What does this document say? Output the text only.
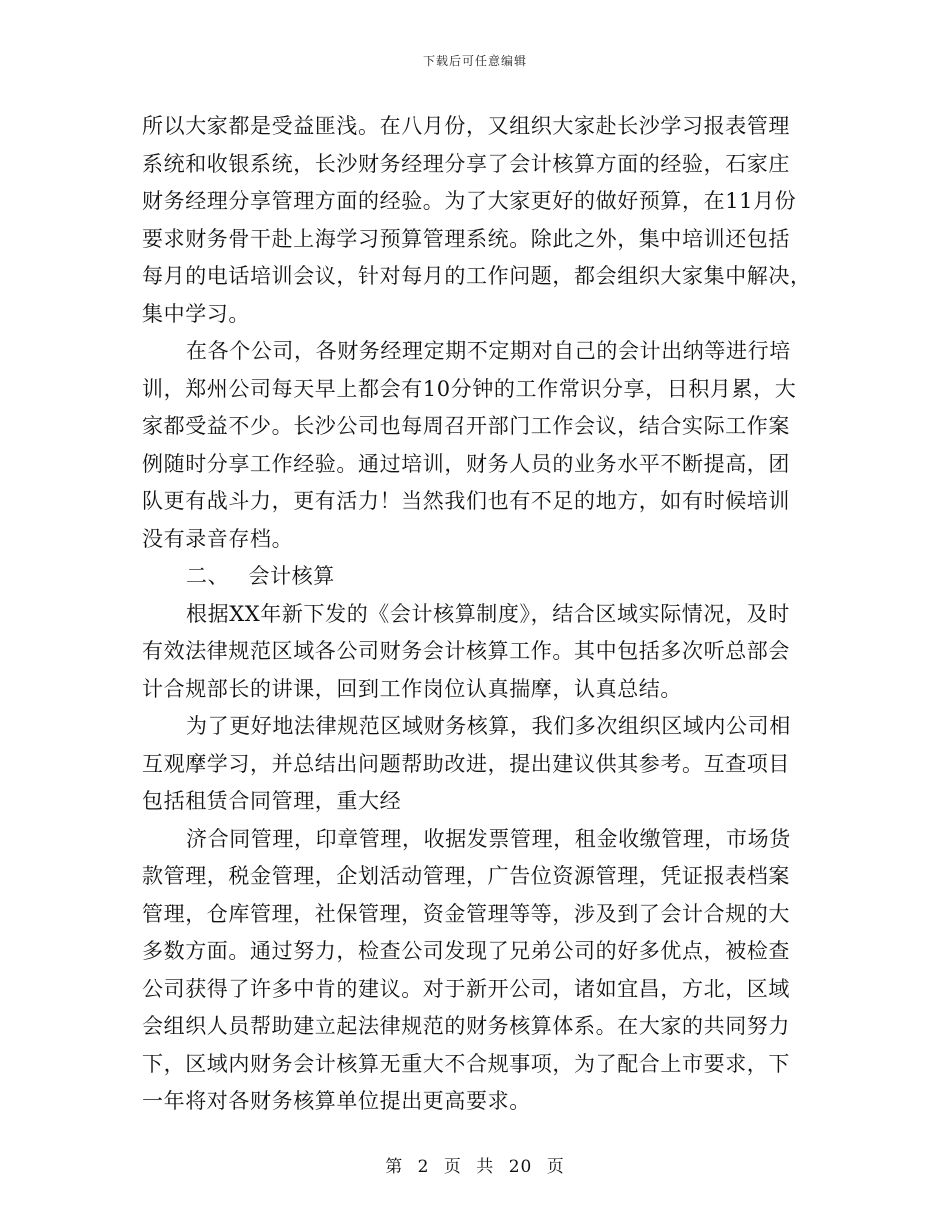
下载后可任意编辑
所以大家都是受益匪浅。在八月份，又组织大家赴长沙学习报表管理
系统和收银系统，长沙财务经理分享了会计核算方面的经验，石家庄
财务经理分享管理方面的经验。为了大家更好的做好预算，在11月份
要求财务骨干赴上海学习预算管理系统。除此之外，集中培训还包括
每月的电话培训会议，针对每月的工作问题，都会组织大家集中解决，
集中学习。
在各个公司，各财务经理定期不定期对自己的会计出纳等进行培
训，郑州公司每天早上都会有10分钟的工作常识分享，日积月累，大
家都受益不少。长沙公司也每周召开部门工作会议，结合实际工作案
例随时分享工作经验。通过培训，财务人员的业务水平不断提高，团
队更有战斗力，更有活力！当然我们也有不足的地方，如有时候培训
没有录音存档。
二、 会计核算
根据XX年新下发的《会计核算制度》，结合区域实际情况，及时
有效法律规范区域各公司财务会计核算工作。其中包括多次听总部会
计合规部长的讲课，回到工作岗位认真揣摩，认真总结。
为了更好地法律规范区域财务核算，我们多次组织区域内公司相
互观摩学习，并总结出问题帮助改进，提出建议供其参考。互查项目
包括租赁合同管理，重大经
济合同管理，印章管理，收据发票管理，租金收缴管理，市场货
款管理，税金管理，企划活动管理，广告位资源管理，凭证报表档案
管理，仓库管理，社保管理，资金管理等等，涉及到了会计合规的大
多数方面。通过努力，检查公司发现了兄弟公司的好多优点，被检查
公司获得了许多中肯的建议。对于新开公司，诸如宜昌，方北，区域
会组织人员帮助建立起法律规范的财务核算体系。在大家的共同努力
下，区域内财务会计核算无重大不合规事项，为了配合上市要求，下
一年将对各财务核算单位提出更高要求。
第 2 页 共 20 页
